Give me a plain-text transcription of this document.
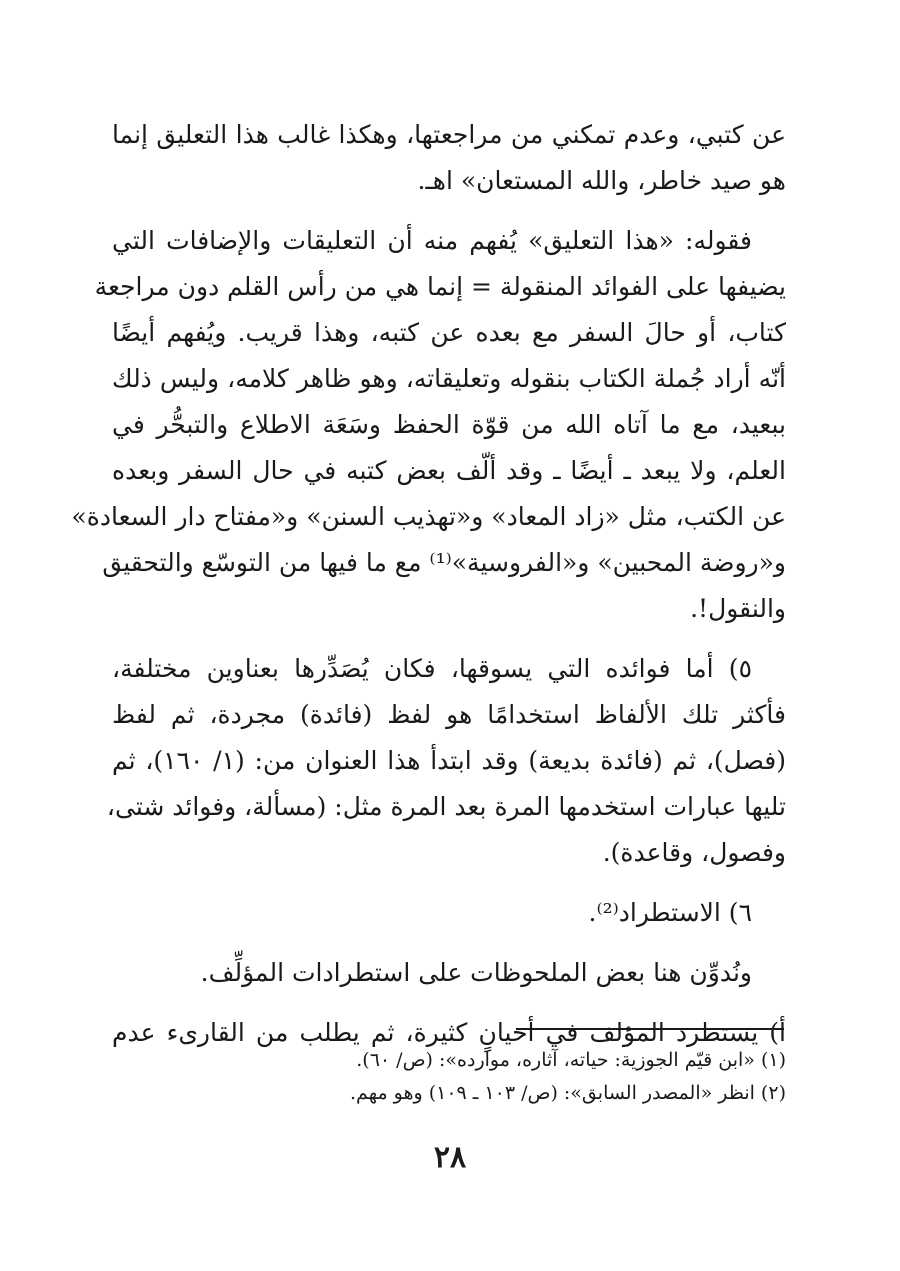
عن كتبي، وعدم تمكني من مراجعتها، وهكذا غالب هذا التعليق إنما
هو صيد خاطر، والله المستعان» اهـ.
فقوله: «هذا التعليق» يُفهم منه أن التعليقات والإضافات التي
يضيفها على الفوائد المنقولة = إنما هي من رأس القلم دون مراجعة
كتاب، أو حالَ السفر مع بعده عن كتبه، وهذا قريب. ويُفهم أيضًا
أنّه أراد جُملة الكتاب بنقوله وتعليقاته، وهو ظاهر كلامه، وليس ذلك
ببعيد، مع ما آتاه الله من قوّة الحفظ وسَعَة الاطلاع والتبحُّر في
العلم، ولا يبعد ـ أيضًا ـ وقد ألّف بعض كتبه في حال السفر وبعده
عن الكتب، مثل «زاد المعاد» و«تهذيب السنن» و«مفتاح دار السعادة»
و«روضة المحبين» و«الفروسية»⁽¹⁾ مع ما فيها من التوسّع والتحقيق
والنقول!.
٥) أما فوائده التي يسوقها، فكان يُصَدِّرها بعناوين مختلفة،
فأكثر تلك الألفاظ استخدامًا هو لفظ (فائدة) مجردة، ثم لفظ
(فصل)، ثم (فائدة بديعة) وقد ابتدأ هذا العنوان من: (١/ ١٦٠)، ثم
تليها عبارات استخدمها المرة بعد المرة مثل: (مسألة، وفوائد شتى،
وفصول، وقاعدة).
٦) الاستطراد⁽²⁾.
ونُدوِّن هنا بعض الملحوظات على استطرادات المؤلِّف.
أ) يستطرد المؤلف في أحيانٍ كثيرة، ثم يطلب من القارىء عدم
(١) «ابن قيّم الجوزية: حياته، آثاره، موارده»: (ص/ ٦٠).
(٢) انظر «المصدر السابق»: (ص/ ١٠٣ ـ ١٠٩) وهو مهم.
٢٨
